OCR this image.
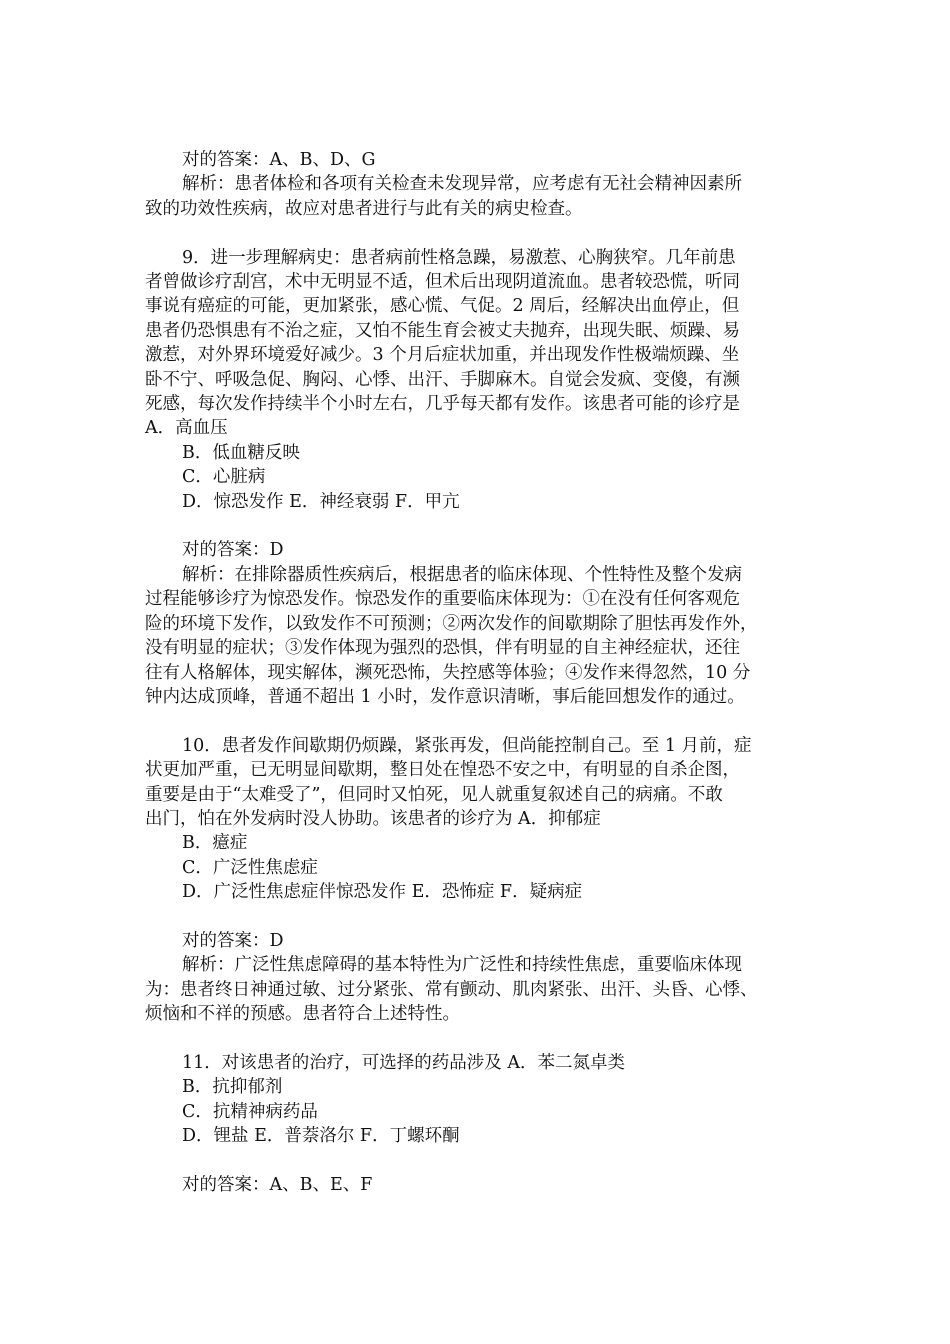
对的答案：A、B、D、G
解析：患者体检和各项有关检查未发现异常，应考虑有无社会精神因素所
致的功效性疾病，故应对患者进行与此有关的病史检查。
9．进一步理解病史：患者病前性格急躁，易激惹、心胸狭窄。几年前患
者曾做诊疗刮宫，术中无明显不适，但术后出现阴道流血。患者较恐慌，听同
事说有癌症的可能，更加紧张，感心慌、气促。2 周后，经解决出血停止，但
患者仍恐惧患有不治之症，又怕不能生育会被丈夫抛弃，出现失眠、烦躁、易
激惹，对外界环境爱好减少。3 个月后症状加重，并出现发作性极端烦躁、坐
卧不宁、呼吸急促、胸闷、心悸、出汗、手脚麻木。自觉会发疯、变傻，有濒
死感，每次发作持续半个小时左右，几乎每天都有发作。该患者可能的诊疗是
A．高血压
B．低血糖反映
C．心脏病
D．惊恐发作 E．神经衰弱 F．甲亢
对的答案：D
解析：在排除器质性疾病后，根据患者的临床体现、个性特性及整个发病
过程能够诊疗为惊恐发作。惊恐发作的重要临床体现为：①在没有任何客观危
险的环境下发作，以致发作不可预测；②两次发作的间歇期除了胆怯再发作外，
没有明显的症状；③发作体现为强烈的恐惧，伴有明显的自主神经症状，还往
往有人格解体，现实解体，濒死恐怖，失控感等体验；④发作来得忽然，10 分
钟内达成顶峰，普通不超出 1 小时，发作意识清晰，事后能回想发作的通过。
10．患者发作间歇期仍烦躁，紧张再发，但尚能控制自己。至 1 月前，症
状更加严重，已无明显间歇期，整日处在惶恐不安之中，有明显的自杀企图，
重要是由于“太难受了”，但同时又怕死，见人就重复叙述自己的病痛。不敢
出门，怕在外发病时没人协助。该患者的诊疗为 A．抑郁症
B．癔症
C．广泛性焦虑症
D．广泛性焦虑症伴惊恐发作 E．恐怖症 F．疑病症
对的答案：D
解析：广泛性焦虑障碍的基本特性为广泛性和持续性焦虑，重要临床体现
为：患者终日神通过敏、过分紧张、常有颤动、肌肉紧张、出汗、头昏、心悸、
烦恼和不祥的预感。患者符合上述特性。
11．对该患者的治疗，可选择的药品涉及 A．苯二氮卓类
B．抗抑郁剂
C．抗精神病药品
D．锂盐 E．普萘洛尔 F．丁螺环酮
对的答案：A、B、E、F
